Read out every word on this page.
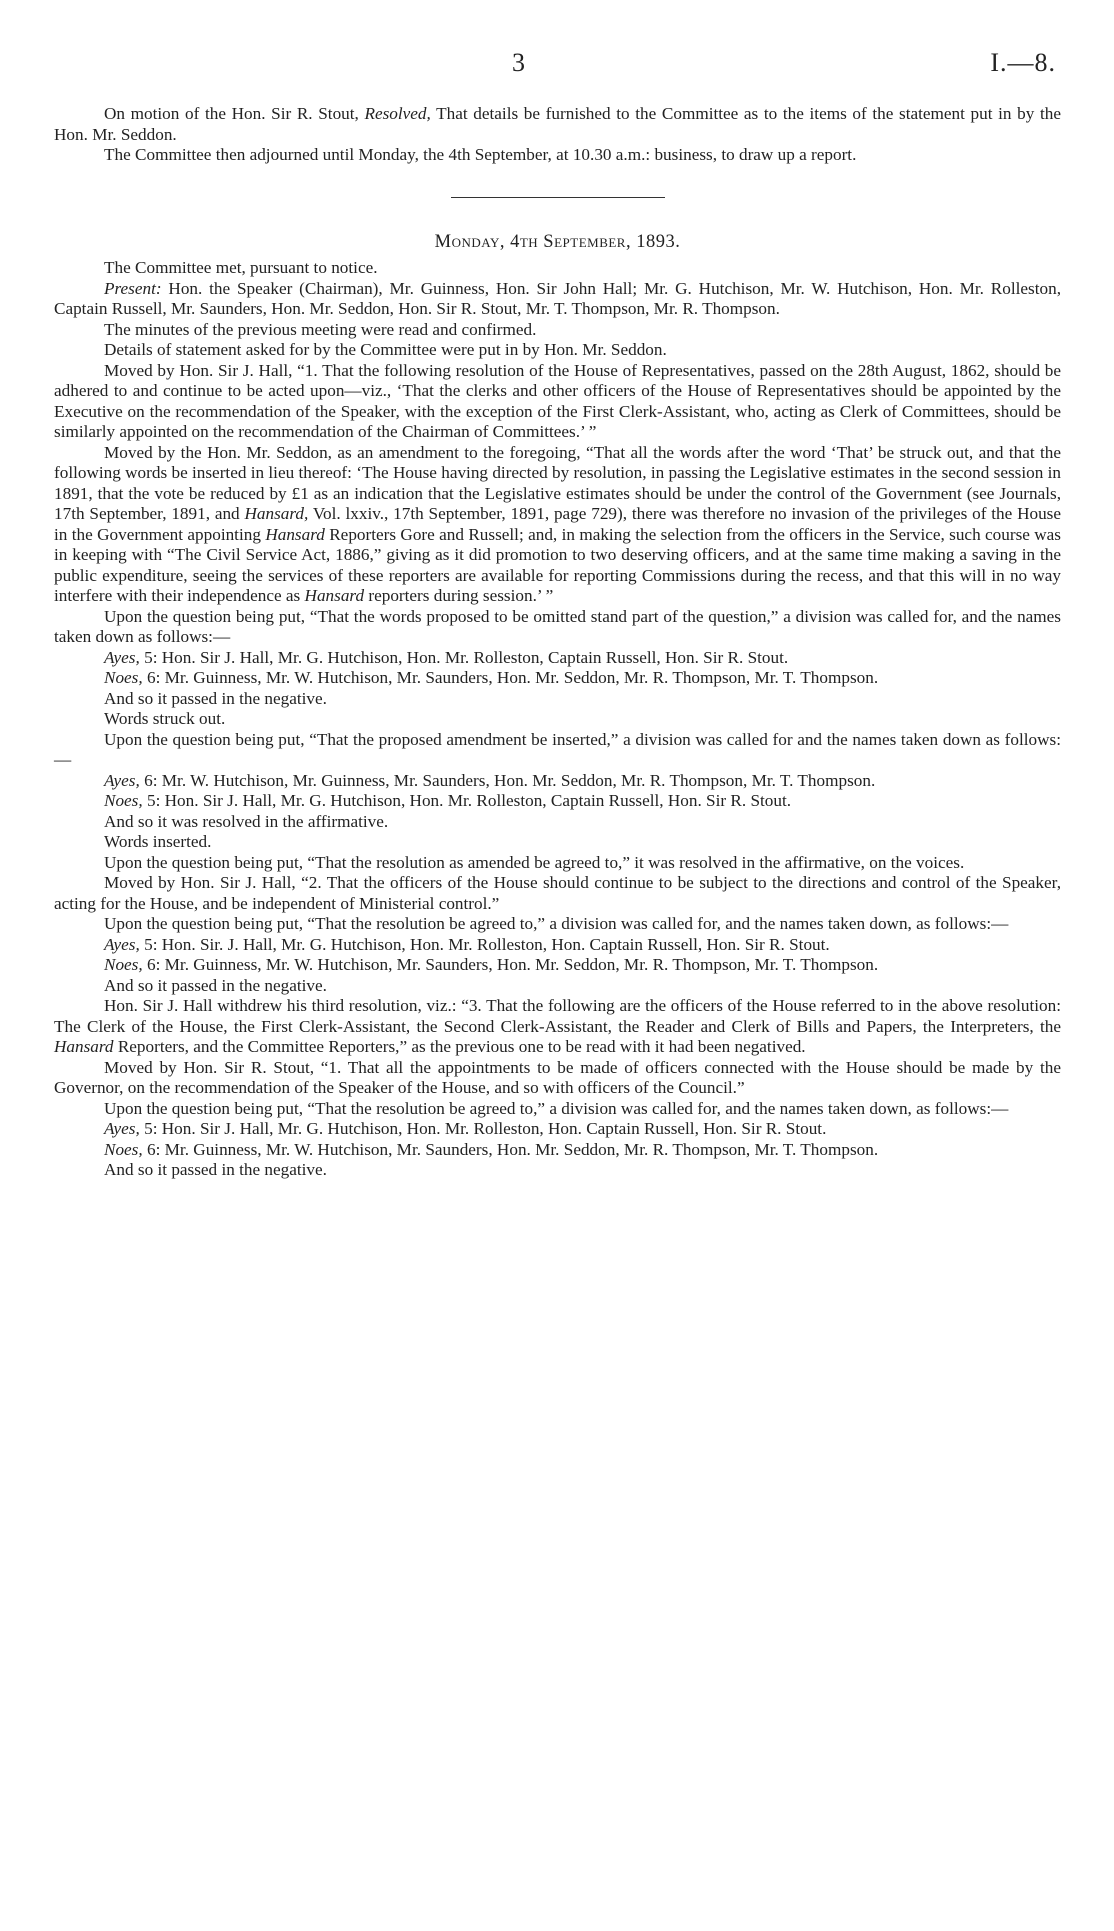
3	I.—8.

On motion of the Hon. Sir R. Stout, Resolved, That details be furnished to the Committee as to the items of the statement put in by the Hon. Mr. Seddon.

The Committee then adjourned until Monday, the 4th September, at 10.30 a.m.: business, to draw up a report.

Monday, 4th September, 1893.

The Committee met, pursuant to notice.

Present: Hon. the Speaker (Chairman), Mr. Guinness, Hon. Sir John Hall; Mr. G. Hutchison, Mr. W. Hutchison, Hon. Mr. Rolleston, Captain Russell, Mr. Saunders, Hon. Mr. Seddon, Hon. Sir R. Stout, Mr. T. Thompson, Mr. R. Thompson.

The minutes of the previous meeting were read and confirmed.

Details of statement asked for by the Committee were put in by Hon. Mr. Seddon.

Moved by Hon. Sir J. Hall, “1. That the following resolution of the House of Representatives, passed on the 28th August, 1862, should be adhered to and continue to be acted upon—viz., ‘That the clerks and other officers of the House of Representatives should be appointed by the Executive on the recommendation of the Speaker, with the exception of the First Clerk-Assistant, who, acting as Clerk of Committees, should be similarly appointed on the recommendation of the Chairman of Committees.’ ”

Moved by the Hon. Mr. Seddon, as an amendment to the foregoing, “That all the words after the word ‘That’ be struck out, and that the following words be inserted in lieu thereof: ‘The House having directed by resolution, in passing the Legislative estimates in the second session in 1891, that the vote be reduced by £1 as an indication that the Legislative estimates should be under the control of the Government (see Journals, 17th September, 1891, and Hansard, Vol. lxxiv., 17th September, 1891, page 729), there was therefore no invasion of the privileges of the House in the Government appointing Hansard Reporters Gore and Russell; and, in making the selection from the officers in the Service, such course was in keeping with “The Civil Service Act, 1886,” giving as it did promotion to two deserving officers, and at the same time making a saving in the public expenditure, seeing the services of these reporters are available for reporting Commissions during the recess, and that this will in no way interfere with their independence as Hansard reporters during session.’ ”

Upon the question being put, “That the words proposed to be omitted stand part of the question,” a division was called for, and the names taken down as follows:—

Ayes, 5: Hon. Sir J. Hall, Mr. G. Hutchison, Hon. Mr. Rolleston, Captain Russell, Hon. Sir R. Stout.

Noes, 6: Mr. Guinness, Mr. W. Hutchison, Mr. Saunders, Hon. Mr. Seddon, Mr. R. Thompson, Mr. T. Thompson.

And so it passed in the negative.

Words struck out.

Upon the question being put, “That the proposed amendment be inserted,” a division was called for and the names taken down as follows:—

Ayes, 6: Mr. W. Hutchison, Mr. Guinness, Mr. Saunders, Hon. Mr. Seddon, Mr. R. Thompson, Mr. T. Thompson.

Noes, 5: Hon. Sir J. Hall, Mr. G. Hutchison, Hon. Mr. Rolleston, Captain Russell, Hon. Sir R. Stout.

And so it was resolved in the affirmative.

Words inserted.

Upon the question being put, “That the resolution as amended be agreed to,” it was resolved in the affirmative, on the voices.

Moved by Hon. Sir J. Hall, “2. That the officers of the House should continue to be subject to the directions and control of the Speaker, acting for the House, and be independent of Ministerial control.”

Upon the question being put, “That the resolution be agreed to,” a division was called for, and the names taken down, as follows:—

Ayes, 5: Hon. Sir. J. Hall, Mr. G. Hutchison, Hon. Mr. Rolleston, Hon. Captain Russell, Hon. Sir R. Stout.

Noes, 6: Mr. Guinness, Mr. W. Hutchison, Mr. Saunders, Hon. Mr. Seddon, Mr. R. Thompson, Mr. T. Thompson.

And so it passed in the negative.

Hon. Sir J. Hall withdrew his third resolution, viz.: “3. That the following are the officers of the House referred to in the above resolution: The Clerk of the House, the First Clerk-Assistant, the Second Clerk-Assistant, the Reader and Clerk of Bills and Papers, the Interpreters, the Hansard Reporters, and the Committee Reporters,” as the previous one to be read with it had been negatived.

Moved by Hon. Sir R. Stout, “1. That all the appointments to be made of officers connected with the House should be made by the Governor, on the recommendation of the Speaker of the House, and so with officers of the Council.”

Upon the question being put, “That the resolution be agreed to,” a division was called for, and the names taken down, as follows:—

Ayes, 5: Hon. Sir J. Hall, Mr. G. Hutchison, Hon. Mr. Rolleston, Hon. Captain Russell, Hon. Sir R. Stout.

Noes, 6: Mr. Guinness, Mr. W. Hutchison, Mr. Saunders, Hon. Mr. Seddon, Mr. R. Thompson, Mr. T. Thompson.

And so it passed in the negative.
